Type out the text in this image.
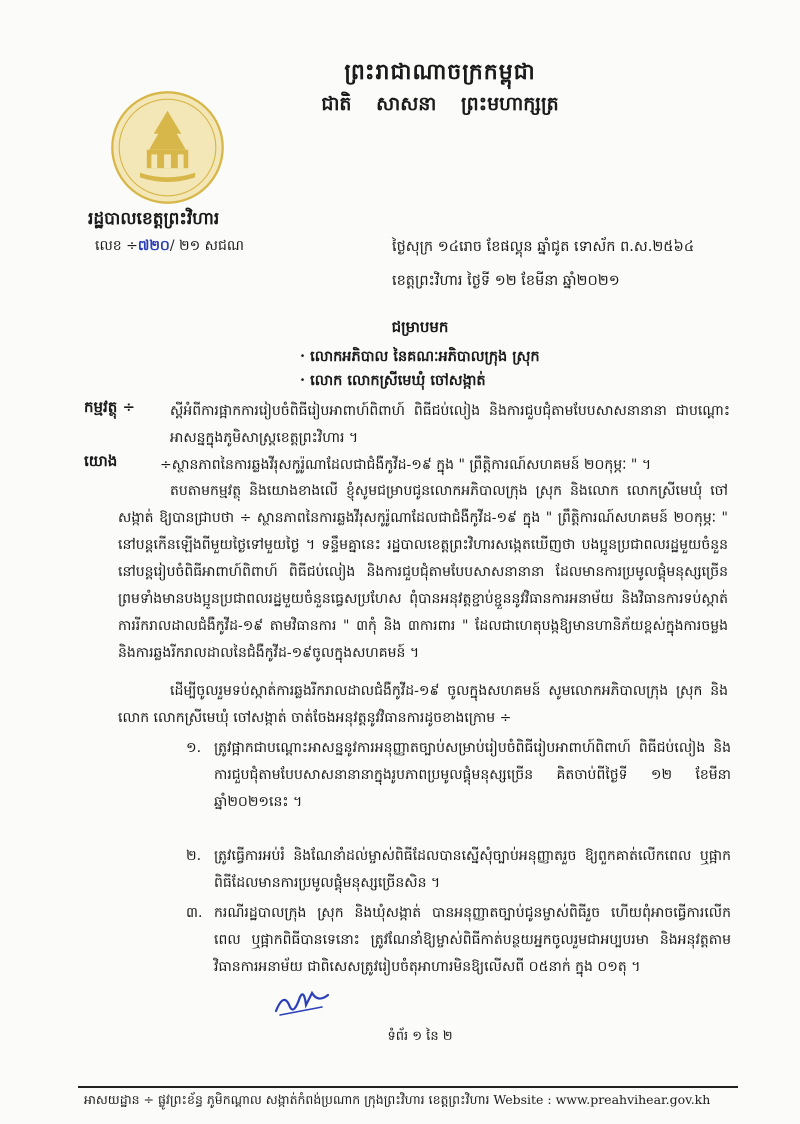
ព្រះរាជាណាចក្រកម្ពុជា
ជាតិ សាសនា ព្រះមហាក្សត្រ
រដ្ឋបាលខេត្តព្រះវិហារ
លេខ ÷៧២០/ ២១ សជណ	ថ្ងៃសុក្រ ១៤រោច ខែផល្គុន ឆ្នាំជូត ទោស័ក ព.ស.២៥៦៤
ខេត្តព្រះវិហារ ថ្ងៃទី ១២ ខែមីនា ឆ្នាំ២០២១
ជម្រាបមក
· លោកអភិបាល នៃគណៈអភិបាលក្រុង ស្រុក
· លោក លោកស្រីមេឃុំ ចៅសង្កាត់
កម្មវត្ថុ ÷ ស្តីអំពីការផ្អាកការរៀបចំពិធីរៀបអាពាហ៍ពិពាហ៍ ពិធីជប់លៀង និងការជួបជុំតាមបែបសាសនានានា ជាបណ្តោះអាសន្នក្នុងភូមិសាស្ត្រខេត្តព្រះវិហារ ។
យោង	÷ស្ថានភាពនៃការឆ្លងវីរុសកូរ៉ូណាដែលជាជំងឺកូវីដ-១៩ ក្នុង " ព្រឹត្តិការណ៍សហគមន៍ ២០កុម្ភៈ " ។
តបតាមកម្មវត្ថុ និងយោងខាងលើ ខ្ញុំសូមជម្រាបជូនលោកអភិបាលក្រុង ស្រុក និងលោក លោកស្រីមេឃុំ ចៅសង្កាត់ ឱ្យបានជ្រាបថា ÷ ស្ថានភាពនៃការឆ្លងវីរុសកូរ៉ូណាដែលជាជំងឺកូវីដ-១៩ ក្នុង " ព្រឹត្តិការណ៍សហគមន៍ ២០កុម្ភៈ " នៅបន្តកើនឡើងពីមួយថ្ងៃទៅមួយថ្ងៃ ។ ទន្ទឹមគ្នានេះ រដ្ឋបាលខេត្តព្រះវិហារសង្កេតឃើញថា បងប្អូនប្រជាពលរដ្ឋមួយចំនួននៅបន្តរៀបចំពិធីអាពាហ៍ពិពាហ៍ ពិធីជប់លៀង និងការជួបជុំតាមបែបសាសនានានា ដែលមានការប្រមូលផ្តុំមនុស្សច្រើន ព្រមទាំងមានបងប្អូនប្រជាពលរដ្ឋមួយចំនួនធ្វេសប្រហែស ពុំបានអនុវត្តខ្ជាប់ខ្ជួននូវវិធានការអនាម័យ និងវិធានការទប់ស្កាត់ការរីករាលដាលជំងឺកូវីដ-១៩ តាមវិធានការ " ៣កុំ និង ៣ការពារ " ដែលជាហេតុបង្កឱ្យមានហានិភ័យខ្ពស់ក្នុងការចម្លង និងការឆ្លងរីករាលដាលនៃជំងឺកូវីដ-១៩ចូលក្នុងសហគមន៍ ។
ដើម្បីចូលរួមទប់ស្កាត់ការឆ្លងរីករាលដាលជំងឺកូវីដ-១៩ ចូលក្នុងសហគមន៍ សូមលោកអភិបាលក្រុង ស្រុក និងលោក លោកស្រីមេឃុំ ចៅសង្កាត់ ចាត់ចែងអនុវត្តនូវវិធានការដូចខាងក្រោម ÷
១. ត្រូវផ្អាកជាបណ្តោះអាសន្ននូវការអនុញ្ញាតច្បាប់សម្រាប់រៀបចំពិធីរៀបអាពាហ៍ពិពាហ៍ ពិធីជប់លៀង និងការជួបជុំតាមបែបសាសនានានាក្នុងរូបភាពប្រមូលផ្តុំមនុស្សច្រើន គិតចាប់ពីថ្ងៃទី ១២ ខែមីនា ឆ្នាំ២០២១នេះ ។
២. ត្រូវធ្វើការអប់រំ និងណែនាំដល់ម្ចាស់ពិធីដែលបានស្នើសុំច្បាប់អនុញ្ញាតរួច ឱ្យពួកគាត់លើកពេល ឬផ្អាកពិធីដែលមានការប្រមូលផ្តុំមនុស្សច្រើនសិន ។
៣. ករណីរដ្ឋបាលក្រុង ស្រុក និងឃុំសង្កាត់ បានអនុញ្ញាតច្បាប់ជូនម្ចាស់ពិធីរួច ហើយពុំអាចធ្វើការលើកពេល ឬផ្អាកពិធីបានទេនោះ ត្រូវណែនាំឱ្យម្ចាស់ពិធីកាត់បន្ថយអ្នកចូលរួមជាអប្បបរមា និងអនុវត្តតាមវិធានការអនាម័យ ជាពិសេសត្រូវរៀបចំតុអាហារមិនឱ្យលើសពី ០៥នាក់ ក្នុង ០១តុ ។
ទំព័រ ១ នៃ ២
អាសយដ្ឋាន ÷ ផ្លូវព្រះខ័ន្ធ ភូមិកណ្តាល សង្កាត់កំពង់ប្រណាក ក្រុងព្រះវិហារ ខេត្តព្រះវិហារ Website : www.preahvihear.gov.kh
